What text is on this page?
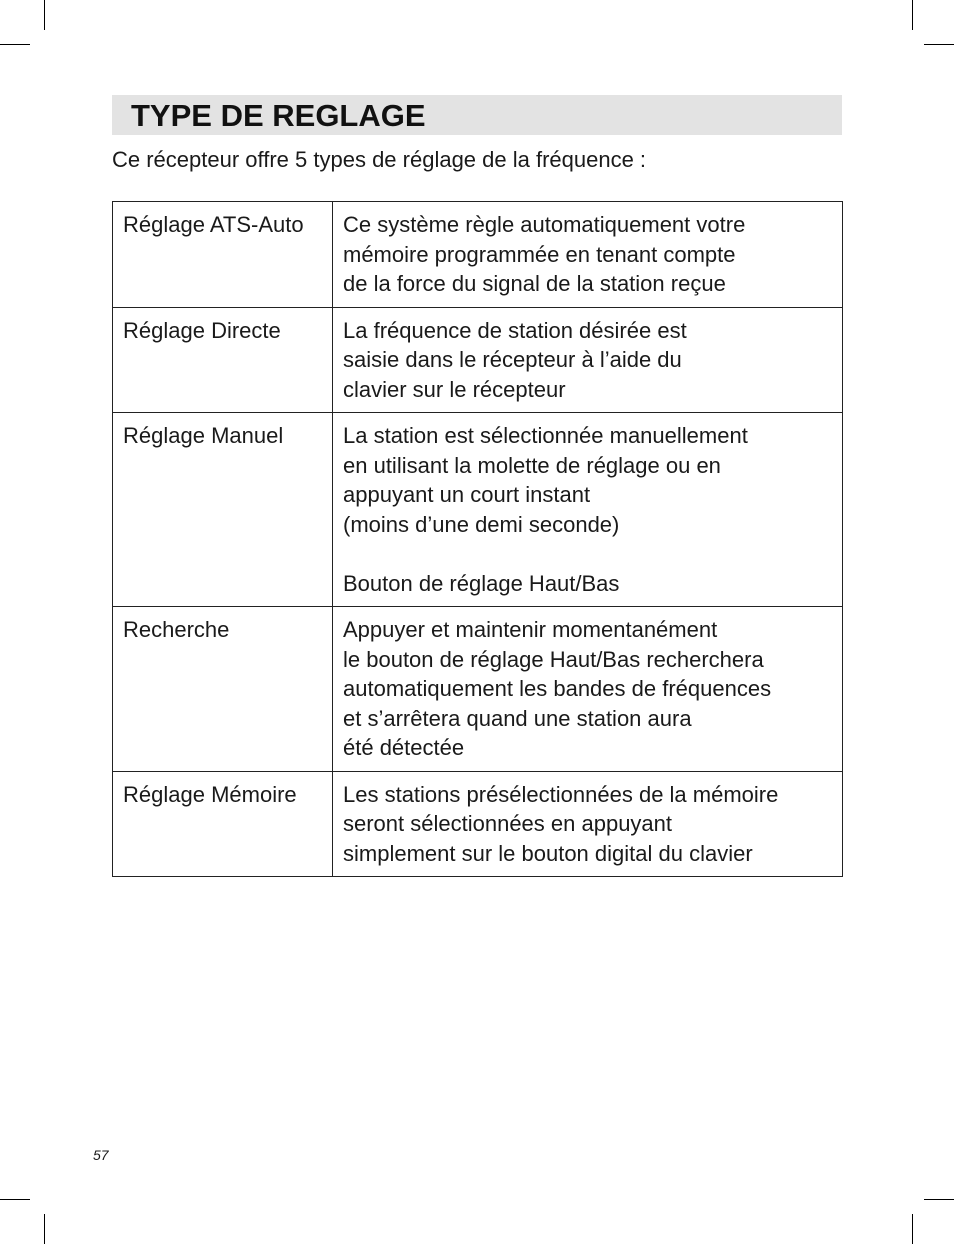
TYPE DE REGLAGE
Ce récepteur offre 5 types de réglage de la fréquence :
Réglage ATS-Auto	Ce système règle automatiquement votre
mémoire programmée en tenant compte
de la force du signal de la station reçue

Réglage Directe	La fréquence de station désirée est
saisie dans le récepteur à l’aide du
clavier sur le récepteur

Réglage Manuel	La station est sélectionnée manuellement
en utilisant la molette de réglage ou en
appuyant un court instant
(moins d’une demi seconde)
Bouton de réglage Haut/Bas

Recherche	Appuyer et maintenir momentanément
le bouton de réglage Haut/Bas recherchera
automatiquement les bandes de fréquences
et s’arrêtera quand une station aura
été détectée

Réglage Mémoire	Les stations présélectionnées de la mémoire
seront sélectionnées en appuyant
simplement sur le bouton digital du clavier
57
